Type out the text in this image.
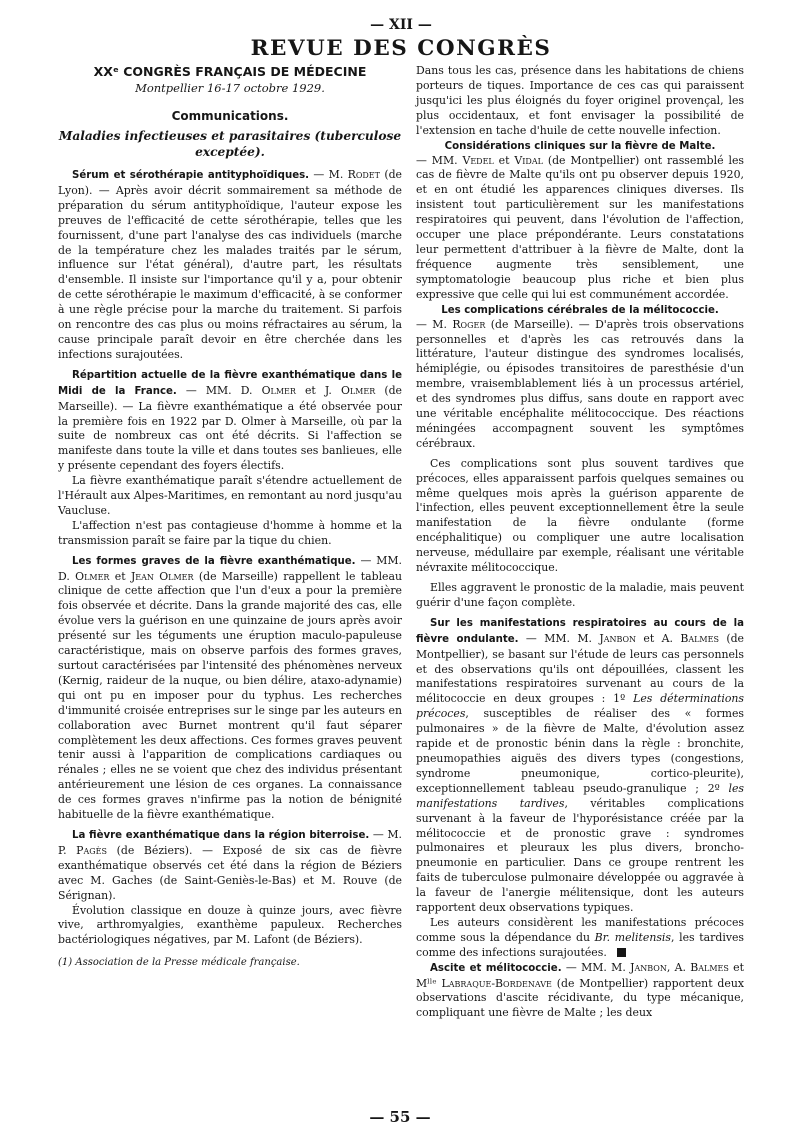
— XII —

REVUE DES CONGRÈS
XXᵉ CONGRÈS FRANÇAIS DE MÉDECINE
Montpellier 16-17 octobre 1929.
Communications.
Maladies infectieuses et parasitaires (tuberculose exceptée).

Sérum et sérothérapie antityphoïdiques. — M. Rodet (de Lyon). — Après avoir décrit sommairement sa méthode de préparation du sérum antityphoïdique, l'auteur expose les preuves de l'efficacité de cette sérothérapie, telles que les fournissent, d'une part l'analyse des cas individuels (marche de la température chez les malades traités par le sérum, influence sur l'état général), d'autre part, les résultats d'ensemble. Il insiste sur l'importance qu'il y a, pour obtenir de cette sérothérapie le maximum d'efficacité, à se conformer à une règle précise pour la marche du traitement. Si parfois on rencontre des cas plus ou moins réfractaires au sérum, la cause principale paraît devoir en être cherchée dans les infections surajoutées.

Répartition actuelle de la fièvre exanthématique dans le Midi de la France. — MM. D. Olmer et J. Olmer (de Marseille). — La fièvre exanthématique a été observée pour la première fois en 1922 par D. Olmer à Marseille, où par la suite de nombreux cas ont été décrits. Si l'affection se manifeste dans toute la ville et dans toutes ses banlieues, elle y présente cependant des foyers électifs.

La fièvre exanthématique paraît s'étendre actuellement de l'Hérault aux Alpes-Maritimes, en remontant au nord jusqu'au Vaucluse.

L'affection n'est pas contagieuse d'homme à homme et la transmission paraît se faire par la tique du chien.

Les formes graves de la fièvre exanthématique. — MM. D. Olmer et Jean Olmer (de Marseille) rappellent le tableau clinique de cette affection que l'un d'eux a pour la première fois observée et décrite. Dans la grande majorité des cas, elle évolue vers la guérison en une quinzaine de jours après avoir présenté sur les téguments une éruption maculo-papuleuse caractéristique, mais on observe parfois des formes graves, surtout caractérisées par l'intensité des phénomènes nerveux (Kernig, raideur de la nuque, ou bien délire, ataxo-adynamie) qui ont pu en imposer pour du typhus. Les recherches d'immunité croisée entreprises sur le singe par les auteurs en collaboration avec Burnet montrent qu'il faut séparer complètement les deux affections. Ces formes graves peuvent tenir aussi à l'apparition de complications cardiaques ou rénales ; elles ne se voient que chez des individus présentant antérieurement une lésion de ces organes. La connaissance de ces formes graves n'infirme pas la notion de bénignité habituelle de la fièvre exanthématique.

La fièvre exanthématique dans la région biterroise. — M. P. Pagès (de Béziers). — Exposé de six cas de fièvre exanthématique observés cet été dans la région de Béziers avec M. Gaches (de Saint-Geniès-le-Bas) et M. Rouve (de Sérignan).

Évolution classique en douze à quinze jours, avec fièvre vive, arthromyalgies, exanthème papuleux. Recherches bactériologiques négatives, par M. Lafont (de Béziers).

(1) Association de la Presse médicale française.

Dans tous les cas, présence dans les habitations de chiens porteurs de tiques. Importance de ces cas qui paraissent jusqu'ici les plus éloignés du foyer originel provençal, les plus occidentaux, et font envisager la possibilité de l'extension en tache d'huile de cette nouvelle infection.

Considérations cliniques sur la fièvre de Malte.

— MM. Vedel et Vidal (de Montpellier) ont rassemblé les cas de fièvre de Malte qu'ils ont pu observer depuis 1920, et en ont étudié les apparences cliniques diverses. Ils insistent tout particulièrement sur les manifestations respiratoires qui peuvent, dans l'évolution de l'affection, occuper une place prépondérante. Leurs constatations leur permettent d'attribuer à la fièvre de Malte, dont la fréquence augmente très sensiblement, une symptomatologie beaucoup plus riche et bien plus expressive que celle qui lui est communément accordée.

Les complications cérébrales de la mélitococcie.

— M. Roger (de Marseille). — D'après trois observations personnelles et d'après les cas retrouvés dans la littérature, l'auteur distingue des syndromes localisés, hémiplégie, ou épisodes transitoires de paresthésie d'un membre, vraisemblablement liés à un processus artériel, et des syndromes plus diffus, sans doute en rapport avec une véritable encéphalite mélitococcique. Des réactions méningées accompagnent souvent les symptômes cérébraux.

Ces complications sont plus souvent tardives que précoces, elles apparaissent parfois quelques semaines ou même quelques mois après la guérison apparente de l'infection, elles peuvent exceptionnellement être la seule manifestation de la fièvre ondulante (forme encéphalitique) ou compliquer une autre localisation nerveuse, médullaire par exemple, réalisant une véritable névraxite mélitococcique.

Elles aggravent le pronostic de la maladie, mais peuvent guérir d'une façon complète.

Sur les manifestations respiratoires au cours de la fièvre ondulante. — MM. M. Janbon et A. Balmes (de Montpellier), se basant sur l'étude de leurs cas personnels et des observations qu'ils ont dépouillées, classent les manifestations respiratoires survenant au cours de la mélitococcie en deux groupes : 1º Les déterminations précoces, susceptibles de réaliser des « formes pulmonaires » de la fièvre de Malte, d'évolution assez rapide et de pronostic bénin dans la règle : bronchite, pneumopathies aiguës des divers types (congestions, syndrome pneumonique, cortico-pleurite), exceptionnellement tableau pseudo-granulique ; 2º les manifestations tardives, véritables complications survenant à la faveur de l'hyporésistance créée par la mélitococcie et de pronostic grave : syndromes pulmonaires et pleuraux les plus divers, broncho-pneumonie en particulier. Dans ce groupe rentrent les faits de tuberculose pulmonaire développée ou aggravée à la faveur de l'anergie mélitensique, dont les auteurs rapportent deux observations typiques.

Les auteurs considèrent les manifestations précoces comme sous la dépendance du Br. melitensis, les tardives comme des infections surajoutées.

Ascite et mélitococcie. — MM. M. Janbon, A. Balmes et Mˡˡᵉ Labraque-Bordenave (de Montpellier) rapportent deux observations d'ascite récidivante, du type mécanique, compliquant une fièvre de Malte ; les deux

— 55 —
